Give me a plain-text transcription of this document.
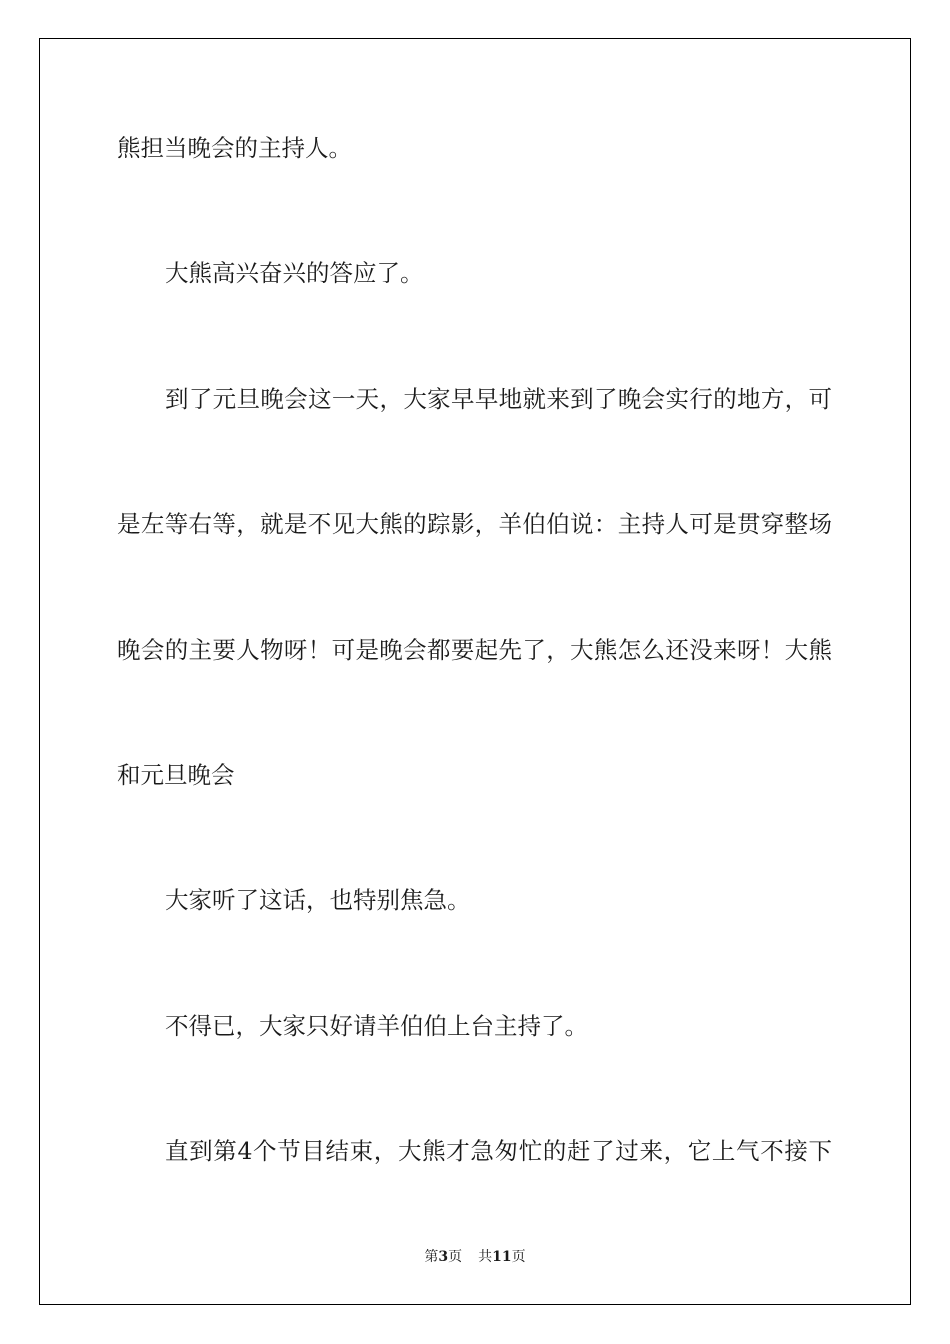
熊担当晚会的主持人。

大熊高兴奋兴的答应了。

到了元旦晚会这一天，大家早早地就来到了晚会实行的地方，可

是左等右等，就是不见大熊的踪影，羊伯伯说：主持人可是贯穿整场

晚会的主要人物呀！可是晚会都要起先了，大熊怎么还没来呀！大熊

和元旦晚会

大家听了这话，也特别焦急。

不得已，大家只好请羊伯伯上台主持了。

直到第4个节目结束，大熊才急匆忙的赶了过来，它上气不接下

第3页 共11页
